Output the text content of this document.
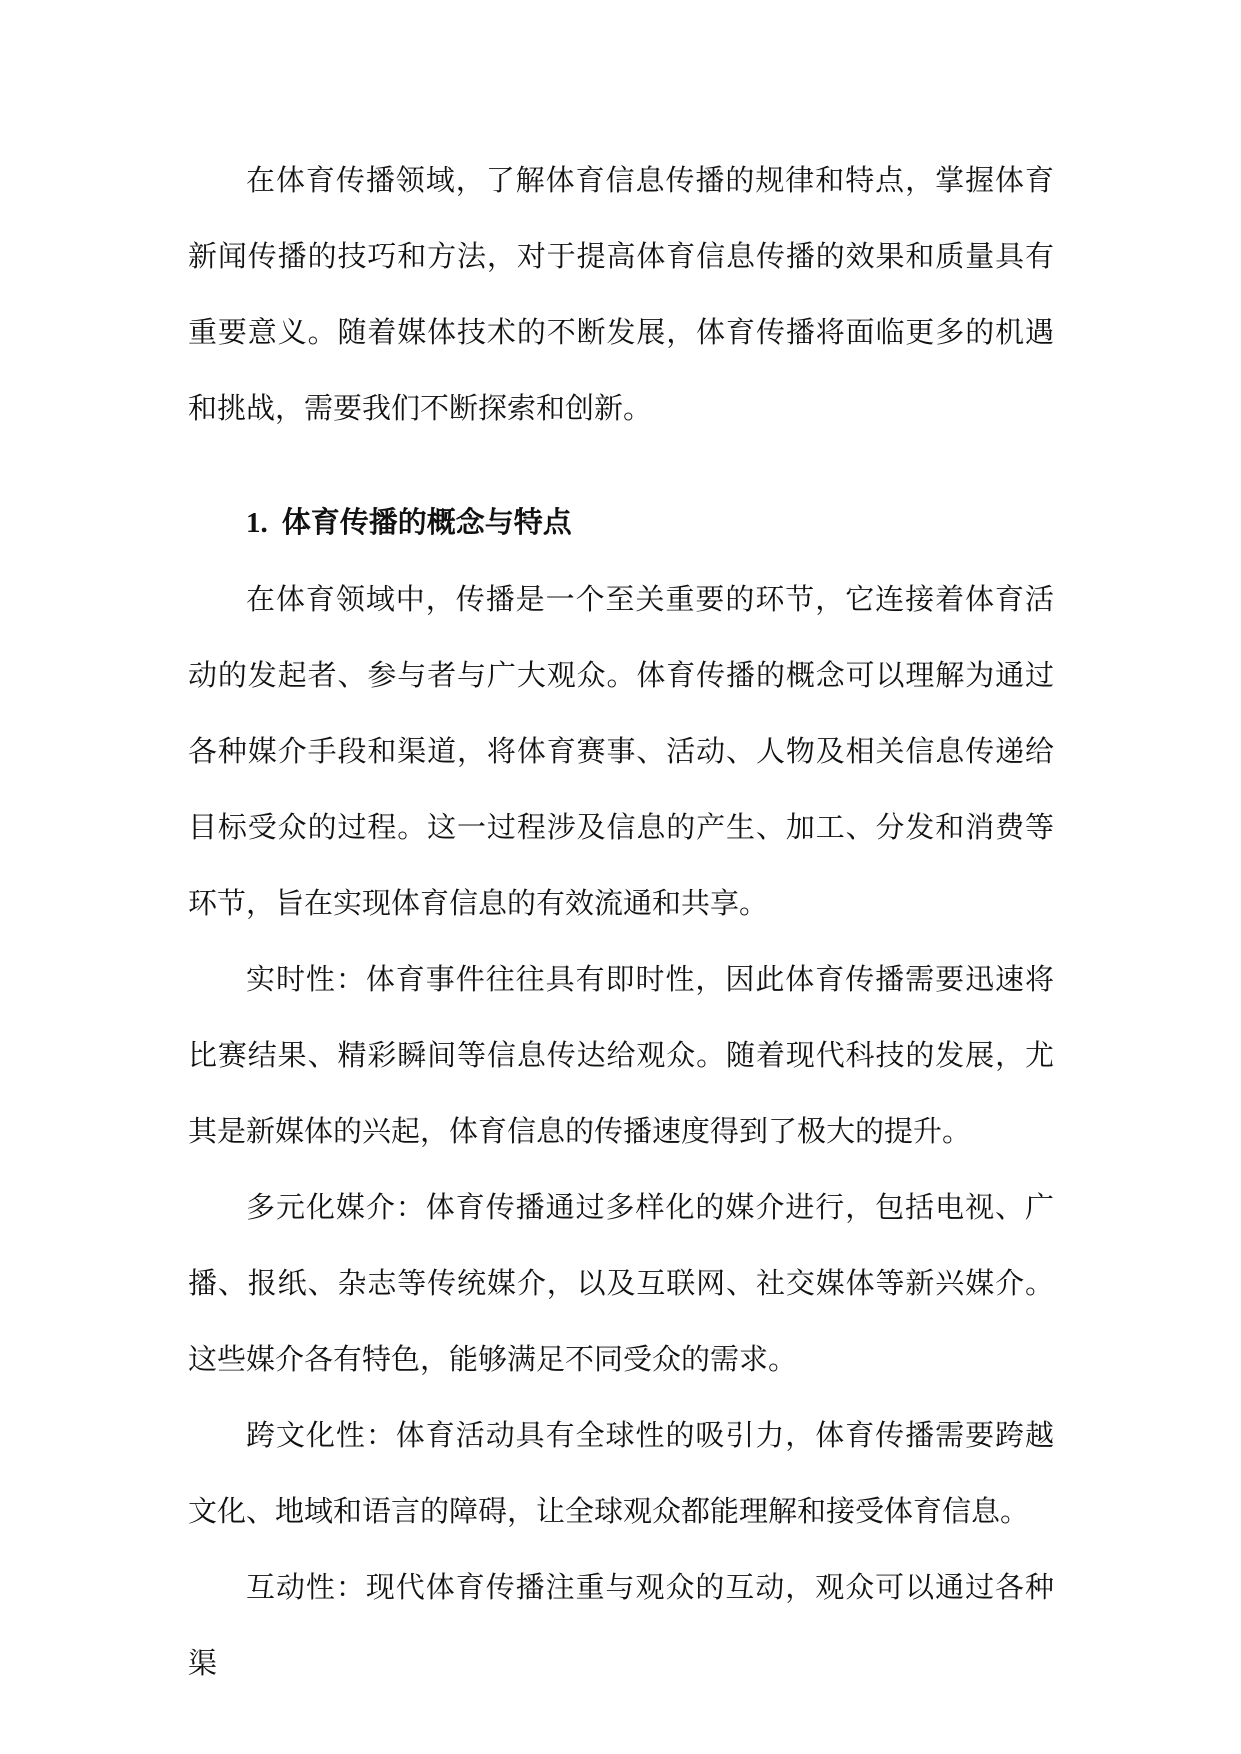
在体育传播领域，了解体育信息传播的规律和特点，掌握体育新闻传播的技巧和方法，对于提高体育信息传播的效果和质量具有重要意义。随着媒体技术的不断发展，体育传播将面临更多的机遇和挑战，需要我们不断探索和创新。

1. 体育传播的概念与特点

在体育领域中，传播是一个至关重要的环节，它连接着体育活动的发起者、参与者与广大观众。体育传播的概念可以理解为通过各种媒介手段和渠道，将体育赛事、活动、人物及相关信息传递给目标受众的过程。这一过程涉及信息的产生、加工、分发和消费等环节，旨在实现体育信息的有效流通和共享。

实时性：体育事件往往具有即时性，因此体育传播需要迅速将比赛结果、精彩瞬间等信息传达给观众。随着现代科技的发展，尤其是新媒体的兴起，体育信息的传播速度得到了极大的提升。

多元化媒介：体育传播通过多样化的媒介进行，包括电视、广播、报纸、杂志等传统媒介，以及互联网、社交媒体等新兴媒介。这些媒介各有特色，能够满足不同受众的需求。

跨文化性：体育活动具有全球性的吸引力，体育传播需要跨越文化、地域和语言的障碍，让全球观众都能理解和接受体育信息。

互动性：现代体育传播注重与观众的互动，观众可以通过各种渠
